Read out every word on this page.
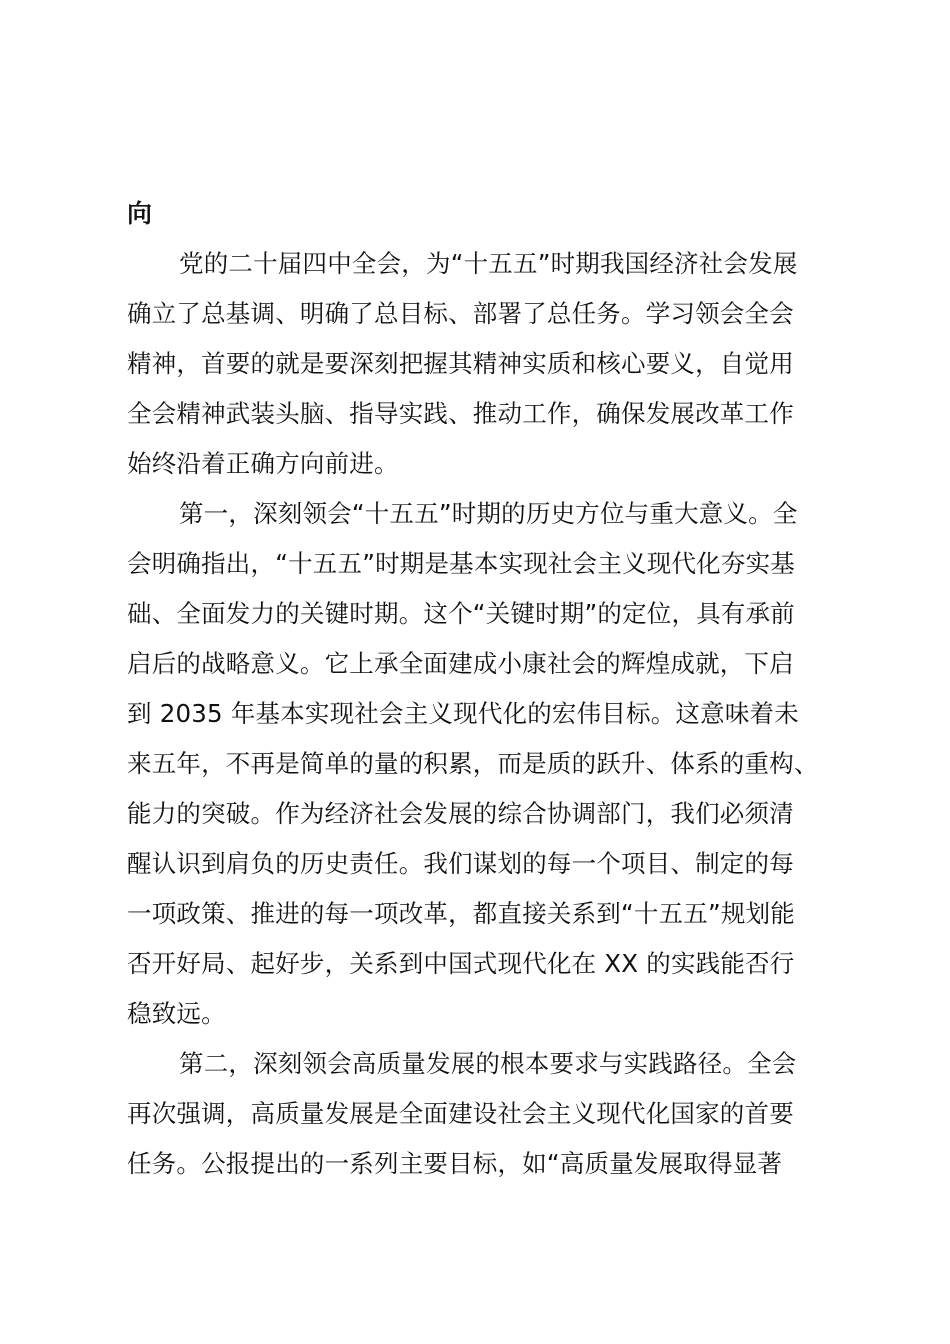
向
党的二十届四中全会，为“十五五”时期我国经济社会发展
确立了总基调、明确了总目标、部署了总任务。学习领会全会
精神，首要的就是要深刻把握其精神实质和核心要义，自觉用
全会精神武装头脑、指导实践、推动工作，确保发展改革工作
始终沿着正确方向前进。
第一，深刻领会“十五五”时期的历史方位与重大意义。全
会明确指出，“十五五”时期是基本实现社会主义现代化夯实基
础、全面发力的关键时期。这个“关键时期”的定位，具有承前
启后的战略意义。它上承全面建成小康社会的辉煌成就，下启
到 2035 年基本实现社会主义现代化的宏伟目标。这意味着未
来五年，不再是简单的量的积累，而是质的跃升、体系的重构、
能力的突破。作为经济社会发展的综合协调部门，我们必须清
醒认识到肩负的历史责任。我们谋划的每一个项目、制定的每
一项政策、推进的每一项改革，都直接关系到“十五五”规划能
否开好局、起好步，关系到中国式现代化在 XX 的实践能否行
稳致远。
第二，深刻领会高质量发展的根本要求与实践路径。全会
再次强调，高质量发展是全面建设社会主义现代化国家的首要
任务。公报提出的一系列主要目标，如“高质量发展取得显著
